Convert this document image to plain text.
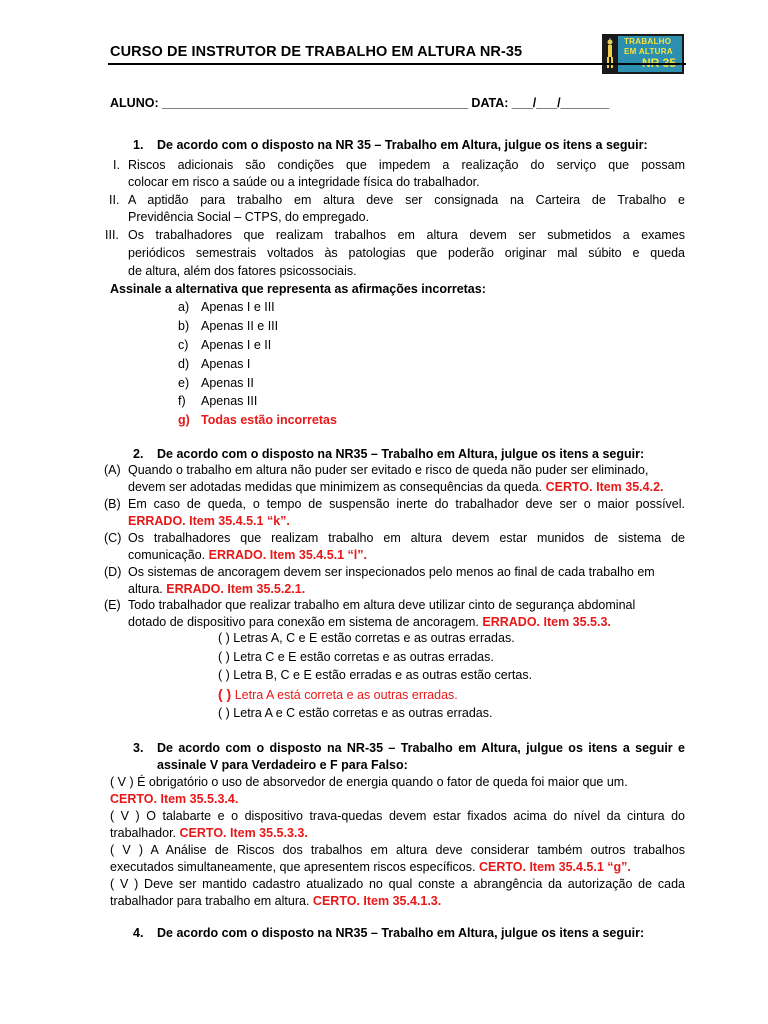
CURSO DE INSTRUTOR DE TRABALHO EM ALTURA NR-35
TRABALHO
EM ALTURA
ALUNO: ____________________________________________ DATA: ___/___/_______
1. De acordo com o disposto na NR 35 – Trabalho em Altura, julgue os itens a seguir:
I. Riscos adicionais são condições que impedem a realização do serviço que possam
colocar em risco a saúde ou a integridade física do trabalhador.
II. A aptidão para trabalho em altura deve ser consignada na Carteira de Trabalho e
Previdência Social – CTPS, do empregado.
III. Os trabalhadores que realizam trabalhos em altura devem ser submetidos a exames
periódicos semestrais voltados às patologias que poderão originar mal súbito e queda
de altura, além dos fatores psicossociais.
Assinale a alternativa que representa as afirmações incorretas:
a) Apenas I e III
b) Apenas II e III
c) Apenas I e II
d) Apenas I
e) Apenas II
f) Apenas III
g) Todas estão incorretas
2. De acordo com o disposto na NR35 – Trabalho em Altura, julgue os itens a seguir:
(A) Quando o trabalho em altura não puder ser evitado e risco de queda não puder ser eliminado,
devem ser adotadas medidas que minimizem as consequências da queda. CERTO. Item 35.4.2.
(B) Em caso de queda, o tempo de suspensão inerte do trabalhador deve ser o maior possível.
ERRADO. Item 35.4.5.1 “k”.
(C) Os trabalhadores que realizam trabalho em altura devem estar munidos de sistema de
comunicação. ERRADO. Item 35.4.5.1 “l”.
(D) Os sistemas de ancoragem devem ser inspecionados pelo menos ao final de cada trabalho em
altura. ERRADO. Item 35.5.2.1.
(E) Todo trabalhador que realizar trabalho em altura deve utilizar cinto de segurança abdominal
dotado de dispositivo para conexão em sistema de ancoragem. ERRADO. Item 35.5.3.
( ) Letras A, C e E estão corretas e as outras erradas.
( ) Letra C e E estão corretas e as outras erradas.
( ) Letra B, C e E estão erradas e as outras estão certas.
( ) Letra A está correta e as outras erradas.
( ) Letra A e C estão corretas e as outras erradas.
3. De acordo com o disposto na NR-35 – Trabalho em Altura, julgue os itens a seguir e
assinale V para Verdadeiro e F para Falso:
( V ) É obrigatório o uso de absorvedor de energia quando o fator de queda foi maior que um.
CERTO. Item 35.5.3.4.
( V ) O talabarte e o dispositivo trava-quedas devem estar fixados acima do nível da cintura do
trabalhador. CERTO. Item 35.5.3.3.
( V ) A Análise de Riscos dos trabalhos em altura deve considerar também outros trabalhos
executados simultaneamente, que apresentem riscos específicos. CERTO. Item 35.4.5.1 “g”.
( V ) Deve ser mantido cadastro atualizado no qual conste a abrangência da autorização de cada
trabalhador para trabalho em altura. CERTO. Item 35.4.1.3.
4. De acordo com o disposto na NR35 – Trabalho em Altura, julgue os itens a seguir:
